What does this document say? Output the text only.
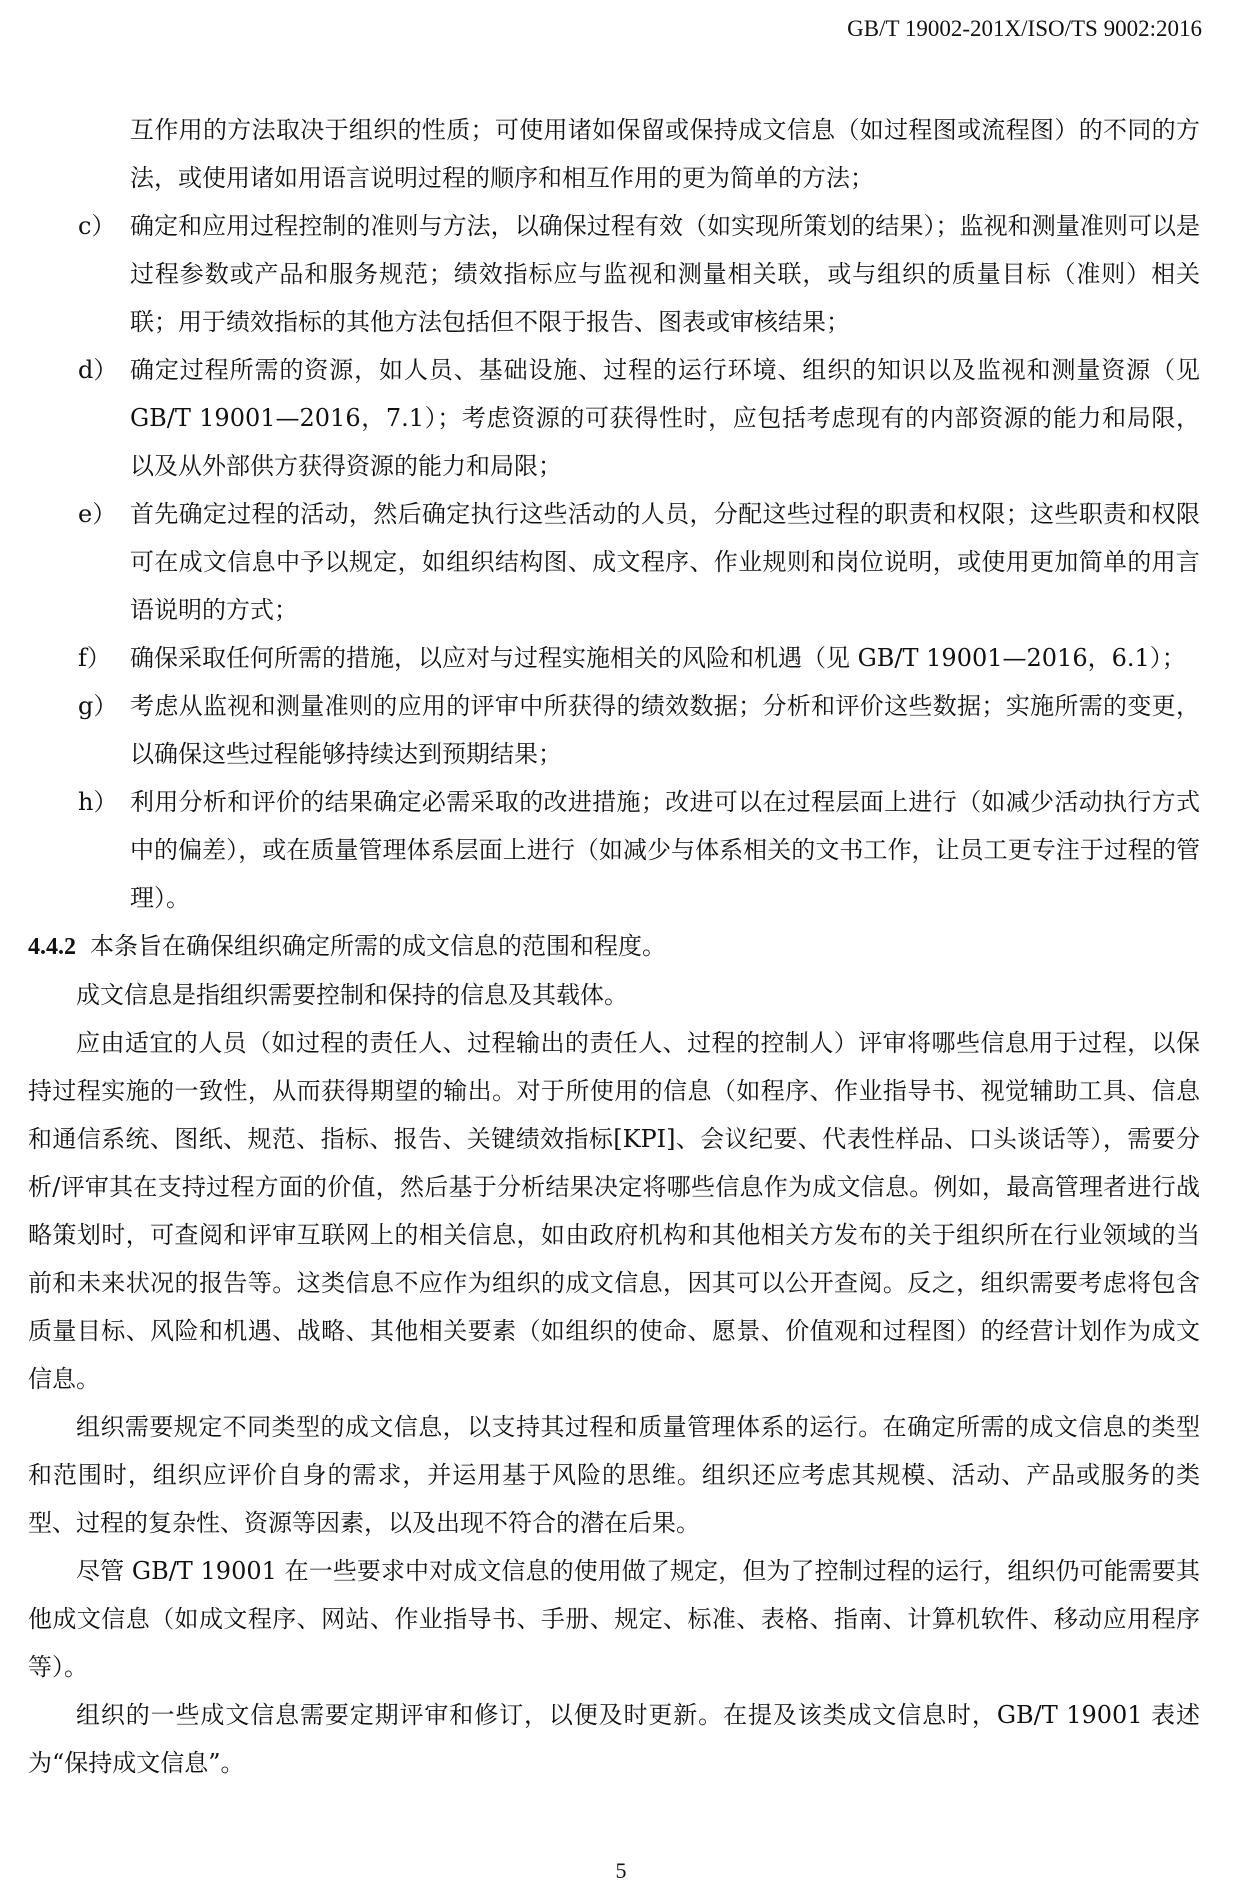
GB/T 19002-201X/ISO/TS 9002:2016

互作用的方法取决于组织的性质；可使用诸如保留或保持成文信息（如过程图或流程图）的不同的方法，或使用诸如用语言说明过程的顺序和相互作用的更为简单的方法；

c） 确定和应用过程控制的准则与方法，以确保过程有效（如实现所策划的结果）；监视和测量准则可以是过程参数或产品和服务规范；绩效指标应与监视和测量相关联，或与组织的质量目标（准则）相关联；用于绩效指标的其他方法包括但不限于报告、图表或审核结果；

d） 确定过程所需的资源，如人员、基础设施、过程的运行环境、组织的知识以及监视和测量资源（见GB/T 19001—2016，7.1）；考虑资源的可获得性时，应包括考虑现有的内部资源的能力和局限，以及从外部供方获得资源的能力和局限；

e） 首先确定过程的活动，然后确定执行这些活动的人员，分配这些过程的职责和权限；这些职责和权限可在成文信息中予以规定，如组织结构图、成文程序、作业规则和岗位说明，或使用更加简单的用言语说明的方式；

f） 确保采取任何所需的措施，以应对与过程实施相关的风险和机遇（见 GB/T 19001—2016，6.1）；

g） 考虑从监视和测量准则的应用的评审中所获得的绩效数据；分析和评价这些数据；实施所需的变更，以确保这些过程能够持续达到预期结果；

h） 利用分析和评价的结果确定必需采取的改进措施；改进可以在过程层面上进行（如减少活动执行方式中的偏差），或在质量管理体系层面上进行（如减少与体系相关的文书工作，让员工更专注于过程的管理）。

4.4.2 本条旨在确保组织确定所需的成文信息的范围和程度。

成文信息是指组织需要控制和保持的信息及其载体。

应由适宜的人员（如过程的责任人、过程输出的责任人、过程的控制人）评审将哪些信息用于过程，以保持过程实施的一致性，从而获得期望的输出。对于所使用的信息（如程序、作业指导书、视觉辅助工具、信息和通信系统、图纸、规范、指标、报告、关键绩效指标[KPI]、会议纪要、代表性样品、口头谈话等），需要分析/评审其在支持过程方面的价值，然后基于分析结果决定将哪些信息作为成文信息。例如，最高管理者进行战略策划时，可查阅和评审互联网上的相关信息，如由政府机构和其他相关方发布的关于组织所在行业领域的当前和未来状况的报告等。这类信息不应作为组织的成文信息，因其可以公开查阅。反之，组织需要考虑将包含质量目标、风险和机遇、战略、其他相关要素（如组织的使命、愿景、价值观和过程图）的经营计划作为成文信息。

组织需要规定不同类型的成文信息，以支持其过程和质量管理体系的运行。在确定所需的成文信息的类型和范围时，组织应评价自身的需求，并运用基于风险的思维。组织还应考虑其规模、活动、产品或服务的类型、过程的复杂性、资源等因素，以及出现不符合的潜在后果。

尽管 GB/T 19001 在一些要求中对成文信息的使用做了规定，但为了控制过程的运行，组织仍可能需要其他成文信息（如成文程序、网站、作业指导书、手册、规定、标准、表格、指南、计算机软件、移动应用程序等）。

组织的一些成文信息需要定期评审和修订，以便及时更新。在提及该类成文信息时，GB/T 19001 表述为“保持成文信息”。

5
